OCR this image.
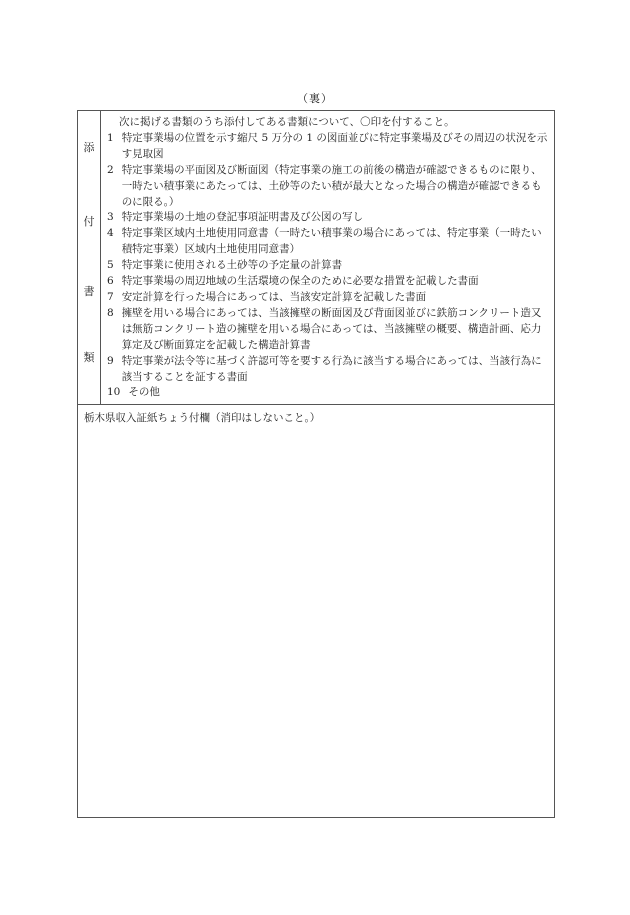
（裏）
添
付
書
類
次に掲げる書類のうち添付してある書類について、〇印を付すること。
1 特定事業場の位置を示す縮尺 5 万分の 1 の図面並びに特定事業場及びその周辺の状況を示す見取図
2 特定事業場の平面図及び断面図（特定事業の施工の前後の構造が確認できるものに限り、一時たい積事業にあたっては、土砂等のたい積が最大となった場合の構造が確認できるものに限る。）
3 特定事業場の土地の登記事項証明書及び公図の写し
4 特定事業区域内土地使用同意書（一時たい積事業の場合にあっては、特定事業（一時たい積特定事業）区域内土地使用同意書）
5 特定事業に使用される土砂等の予定量の計算書
6 特定事業場の周辺地域の生活環境の保全のために必要な措置を記載した書面
7 安定計算を行った場合にあっては、当該安定計算を記載した書面
8 擁壁を用いる場合にあっては、当該擁壁の断面図及び背面図並びに鉄筋コンクリート造又は無筋コンクリート造の擁壁を用いる場合にあっては、当該擁壁の概要、構造計画、応力算定及び断面算定を記載した構造計算書
9 特定事業が法令等に基づく許認可等を要する行為に該当する場合にあっては、当該行為に該当することを証する書面
10 その他
栃木県収入証紙ちょう付欄（消印はしないこと。）
